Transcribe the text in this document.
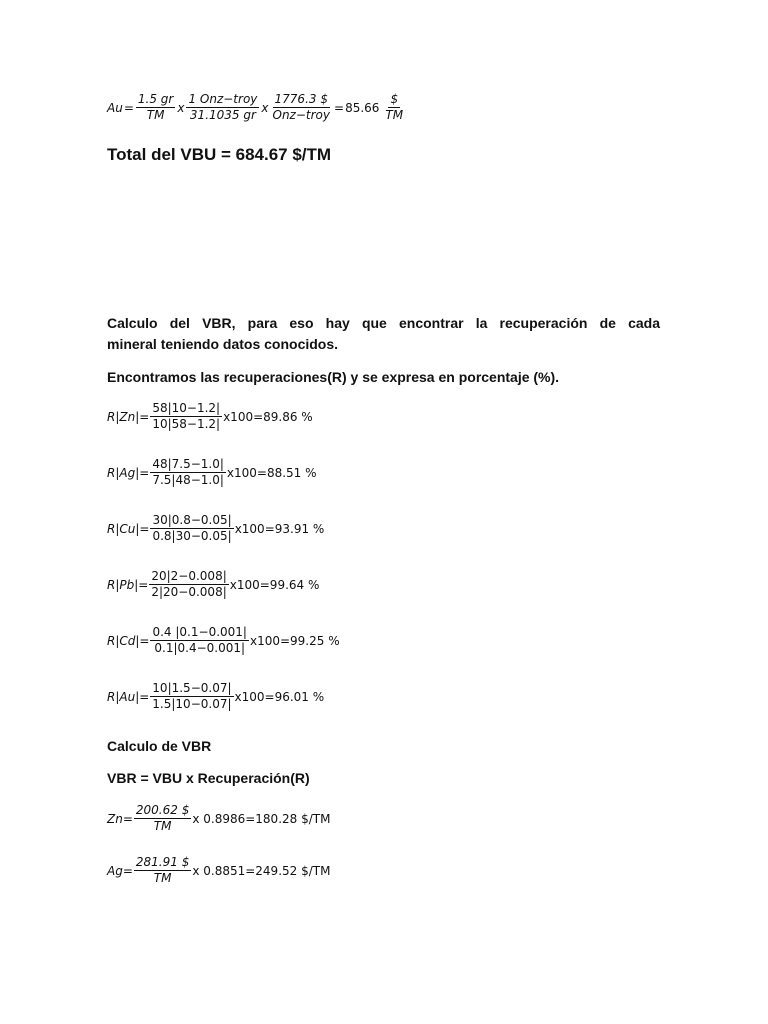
$Au = \frac{1.5 gr}{TM}$ x $\frac{\text{1 Onz−troy}}{31.1035 gr}$ x $\frac{1776.3 \$}{\text{Onz−troy}} = 85.66 \frac{\$}{TM}$
Total del VBU = 684.67 $/TM
Calculo del VBR, para eso hay que encontrar la recuperación de cada
mineral teniendo datos conocidos.
Encontramos las recuperaciones(R) y se expresa en porcentaje (%).
$R|Zn|= \frac{58|10-1.2|}{10|58-1.2|} x100=89.86$ %
$R|Ag|= \frac{48|7.5-1.0|}{7.5|48-1.0|} x100=88.51$ %
$R|Cu|= \frac{30|0.8-0.05|}{0.8|30-0.05|} x100=93.91$ %
$R|Pb|= \frac{20|2-0.008|}{2|20-0.008|} x100=99.64$ %
$R|Cd|= \frac{0.4 |0.1-0.001|}{0.1|0.4-0.001|} x100=99.25$ %
$R|Au|= \frac{10|1.5-0.07|}{1.5|10-0.07|} x100=96.01$ %
Calculo de VBR
VBR = VBU x Recuperación(R)
$Zn= \frac{200.62 \$}{TM}$ x 0.8986=180.28 $/TM
$Ag= \frac{281.91 \$}{TM}$ x 0.8851=249.52 $/TM
